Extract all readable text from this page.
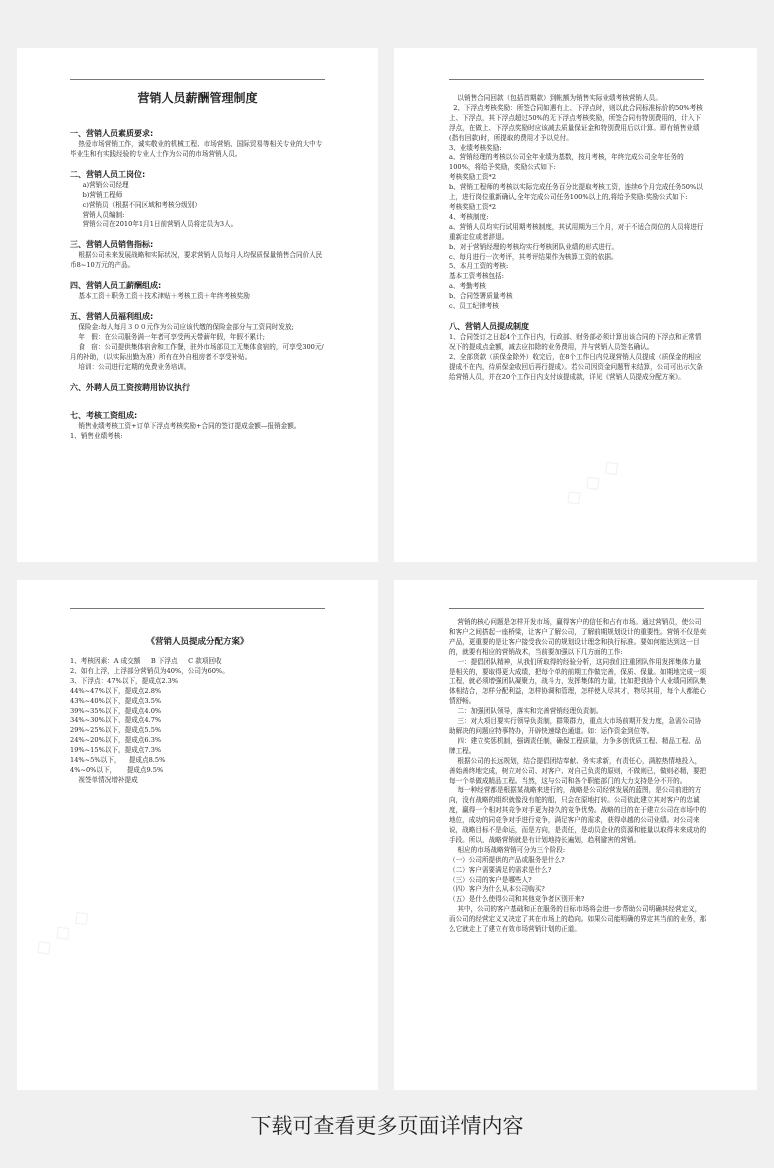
营销人员薪酬管理制度
一、营销人员素质要求:

热爱市场营销工作，诚实敬业的机械工程、市场营销、国际贸易等相关专业的大中专毕业生和有实践经验的专业人士作为公司的市场营销人员。

二、营销人员工岗位:

a)营销公司经理

b)营销工程师

c)营销员（根据不同区域和考核分级别）

营销人员编制:

营销公司在2010年1月1日前营销人员将定员为3人。

三、营销人员销售指标:

根据公司未来发展战略和实际状况，要求营销人员每月人均保质保量销售合同价人民币8~10万元的产品。

四、营销人员工薪酬组成:

基本工资＋职务工资＋技术津贴＋考核工资＋年终考核奖励

五、营销人员福利组成:

保险金:每人每月３００元作为公司应该代缴的保险金部分与工资同时发放;

年   假：在公司服务满一年者可享受两天带薪年假，年假不累计;

食   宿：公司提供集体宿舍和工作餐，驻外市场部员工无集体食宿的，可享受300元/月的补助，（以实际出勤为准）所有在外自租房者不享受补贴。

培训：公司进行定期的免费业务培训。

六、外聘人员工资按聘用协议执行
七、考核工资组成:

销售业绩考核工资+订单下浮点考核奖励+合同的签订提成金额—报销金额。

1、销售业绩考核:

以销售合同回款（包括首期款）到帐额为销售实际业绩考核营销人员。

2、下浮点考核奖励：所签合同如遇有上、下浮点时，则以此合同标准标价的50%考核上、下浮点，其下浮点超过50%的无下浮点考核奖励，所签合同有特别费用的，计入下浮点，在做上、下浮点奖励时应该减去质量保证金和特别费用后以计算。即有销售业绩(指有回款)时，所提取的费用才予以兑付。

3、业绩考核奖励:

a、营销经理的考核以公司全年业绩为基数，按月考核，年终完成公司全年任务的100%，将给予奖励，奖励公式如下:

考核奖励工资*2

b、营销工程师的考核以实际完成任务百分比提取考核工资，连续6个月完成任务50%以上，进行岗位重新确认,全年完成公司任务100%以上的,将给予奖励:奖励公式如下:

考核奖励工资*2

4、考核制度:

a、营销人员均实行试用期考核制度，其试用期为三个月，对于不适合岗位的人员将进行重新定位或者辞退。

b、对于营销经理的考核均实行考核团队业绩的形式进行。

c、每月进行一次考评，其考评结果作为核算工资的依据。

5、本月工资的考核:

基本工资考核包括:

a、考勤考核

b、合同签署质量考核

c、员工纪律考核

八、营销人员提成制度

1、合同签订之日起4个工作日内，行政部、财务部必须计算出该合同的下浮点和正常情况下的提成点金额，减去应扣除的业务费用，并与营销人员签名确认。

2、全部货款（质保金除外）收完后，在8个工作日内兑现营销人员提成（质保金的相应提成不在内，待质保金收回后再行提成）。若公司因资金问题暂未结算，公司可出示欠条给营销人员，并在20个工作日内支付该提成款，详见《营销人员提成分配方案》。

《营销人员提成分配方案》

1、考核因素：A 成交额     B 下浮点     C 款项回收

2、如有上浮，上浮部分营销员为40%，公司为60%。

3、下浮点：47%以下，提成点2.3%

44%~47%以下，提成点2.8%

43%~40%以下，提成点3.5%

39%~35%以下，提成点4.0%

34%~30%以下，提成点4.7%

29%~25%以下，提成点5.5%

24%~20%以下，提成点6.3%

19%~15%以下，提成点7.3%

14%~5%以下，    提成点8.5%

4%~0%以下，     提成点9.5%

视签单情况增补提成

营销的核心问题是怎样开发市场，赢得客户的信任和占有市场。通过营销员，使公司和客户之间搭起一座桥梁，让客户了解公司，了解前期规划设计的重要性。营销不仅是卖产品，更重要的是让客户接受我公司的规划设计理念和执行标准。要如何能达到这一目的，就要有相应的营销战术，当前要加强以下几方面的工作:

一：提倡团队精神，从我们所取得的经验分析，这同我们注重团队作用发挥集体力量是相关的，要取得更大成绩，把每个单的前期工作做完善，保质、保量。如期地完成一项工程，就必须增强团队凝聚力，战斗力，发挥集体的力量，比如把我协个人业绩同团队集体相结合，怎样分配利益，怎样协调和管理，怎样使人尽其才，物尽其用，每个人都能心情舒畅。

二：加强团队领导，落实和完善营销经理负责制。

三：对大项目要实行领导负责制，群策群力，重点大市场前期开发力度，急需公司协助解决的问题应特事特办，开辟快速绿色通道。如：运作资金到位等。

四：建立奖惩机制，强调责任制，确保工程质量，力争多创优质工程、精品工程、品牌工程。

根据公司的长远规划，结合提倡团结奉献、务实求新，有责任心，满腔热情地投入，善始善终地完成，树立对公司、对客户、对自己负责的原则，不做则已，做则必精，要把每一个单做成精品工程。当然，这与公司和各个职能部门的大力支持是分不开的。

每一种经营都是根据某战略来进行的，战略是公司经营发展的蓝图，是公司前进的方向，没有战略的组织就像没有舵的船，只会在原地打转。公司依此建立其对客户的忠诚度，赢得一个相对其竞争对手更为持久的竞争优势。战略的目的在于建立公司在市场中的地位，成功的同竞争对手进行竞争，满足客户的需求，获得卓越的公司业绩。对公司来说，战略目标不是命运，而是方向，是责任，是动员企业的资源和能量以取得未来成功的手段。所以，战略营销就是有计划地持长遍划，趋利避害的营销。

相应的市场战略营销可分为三个阶段:

（一）公司所提供的产品或服务是什么?

（二）客户需要满足的需求是什么?

（三）公司的客户是哪些人?

（四）客户为什么从本公司购买?

（五）是什么使得公司和其他竞争者区别开来?

其中，公司的客户基础和正在服务的目标市场将会进一步帮助公司明确其经营定义，而公司的经营定义又决定了其在市场上的趋向。如果公司能明确的界定其当前的业务，那么它就走上了建立有效市场营销计划的正道。

◇ ◇ ◇
◇ ◇ ◇
下载可查看更多页面详情内容
